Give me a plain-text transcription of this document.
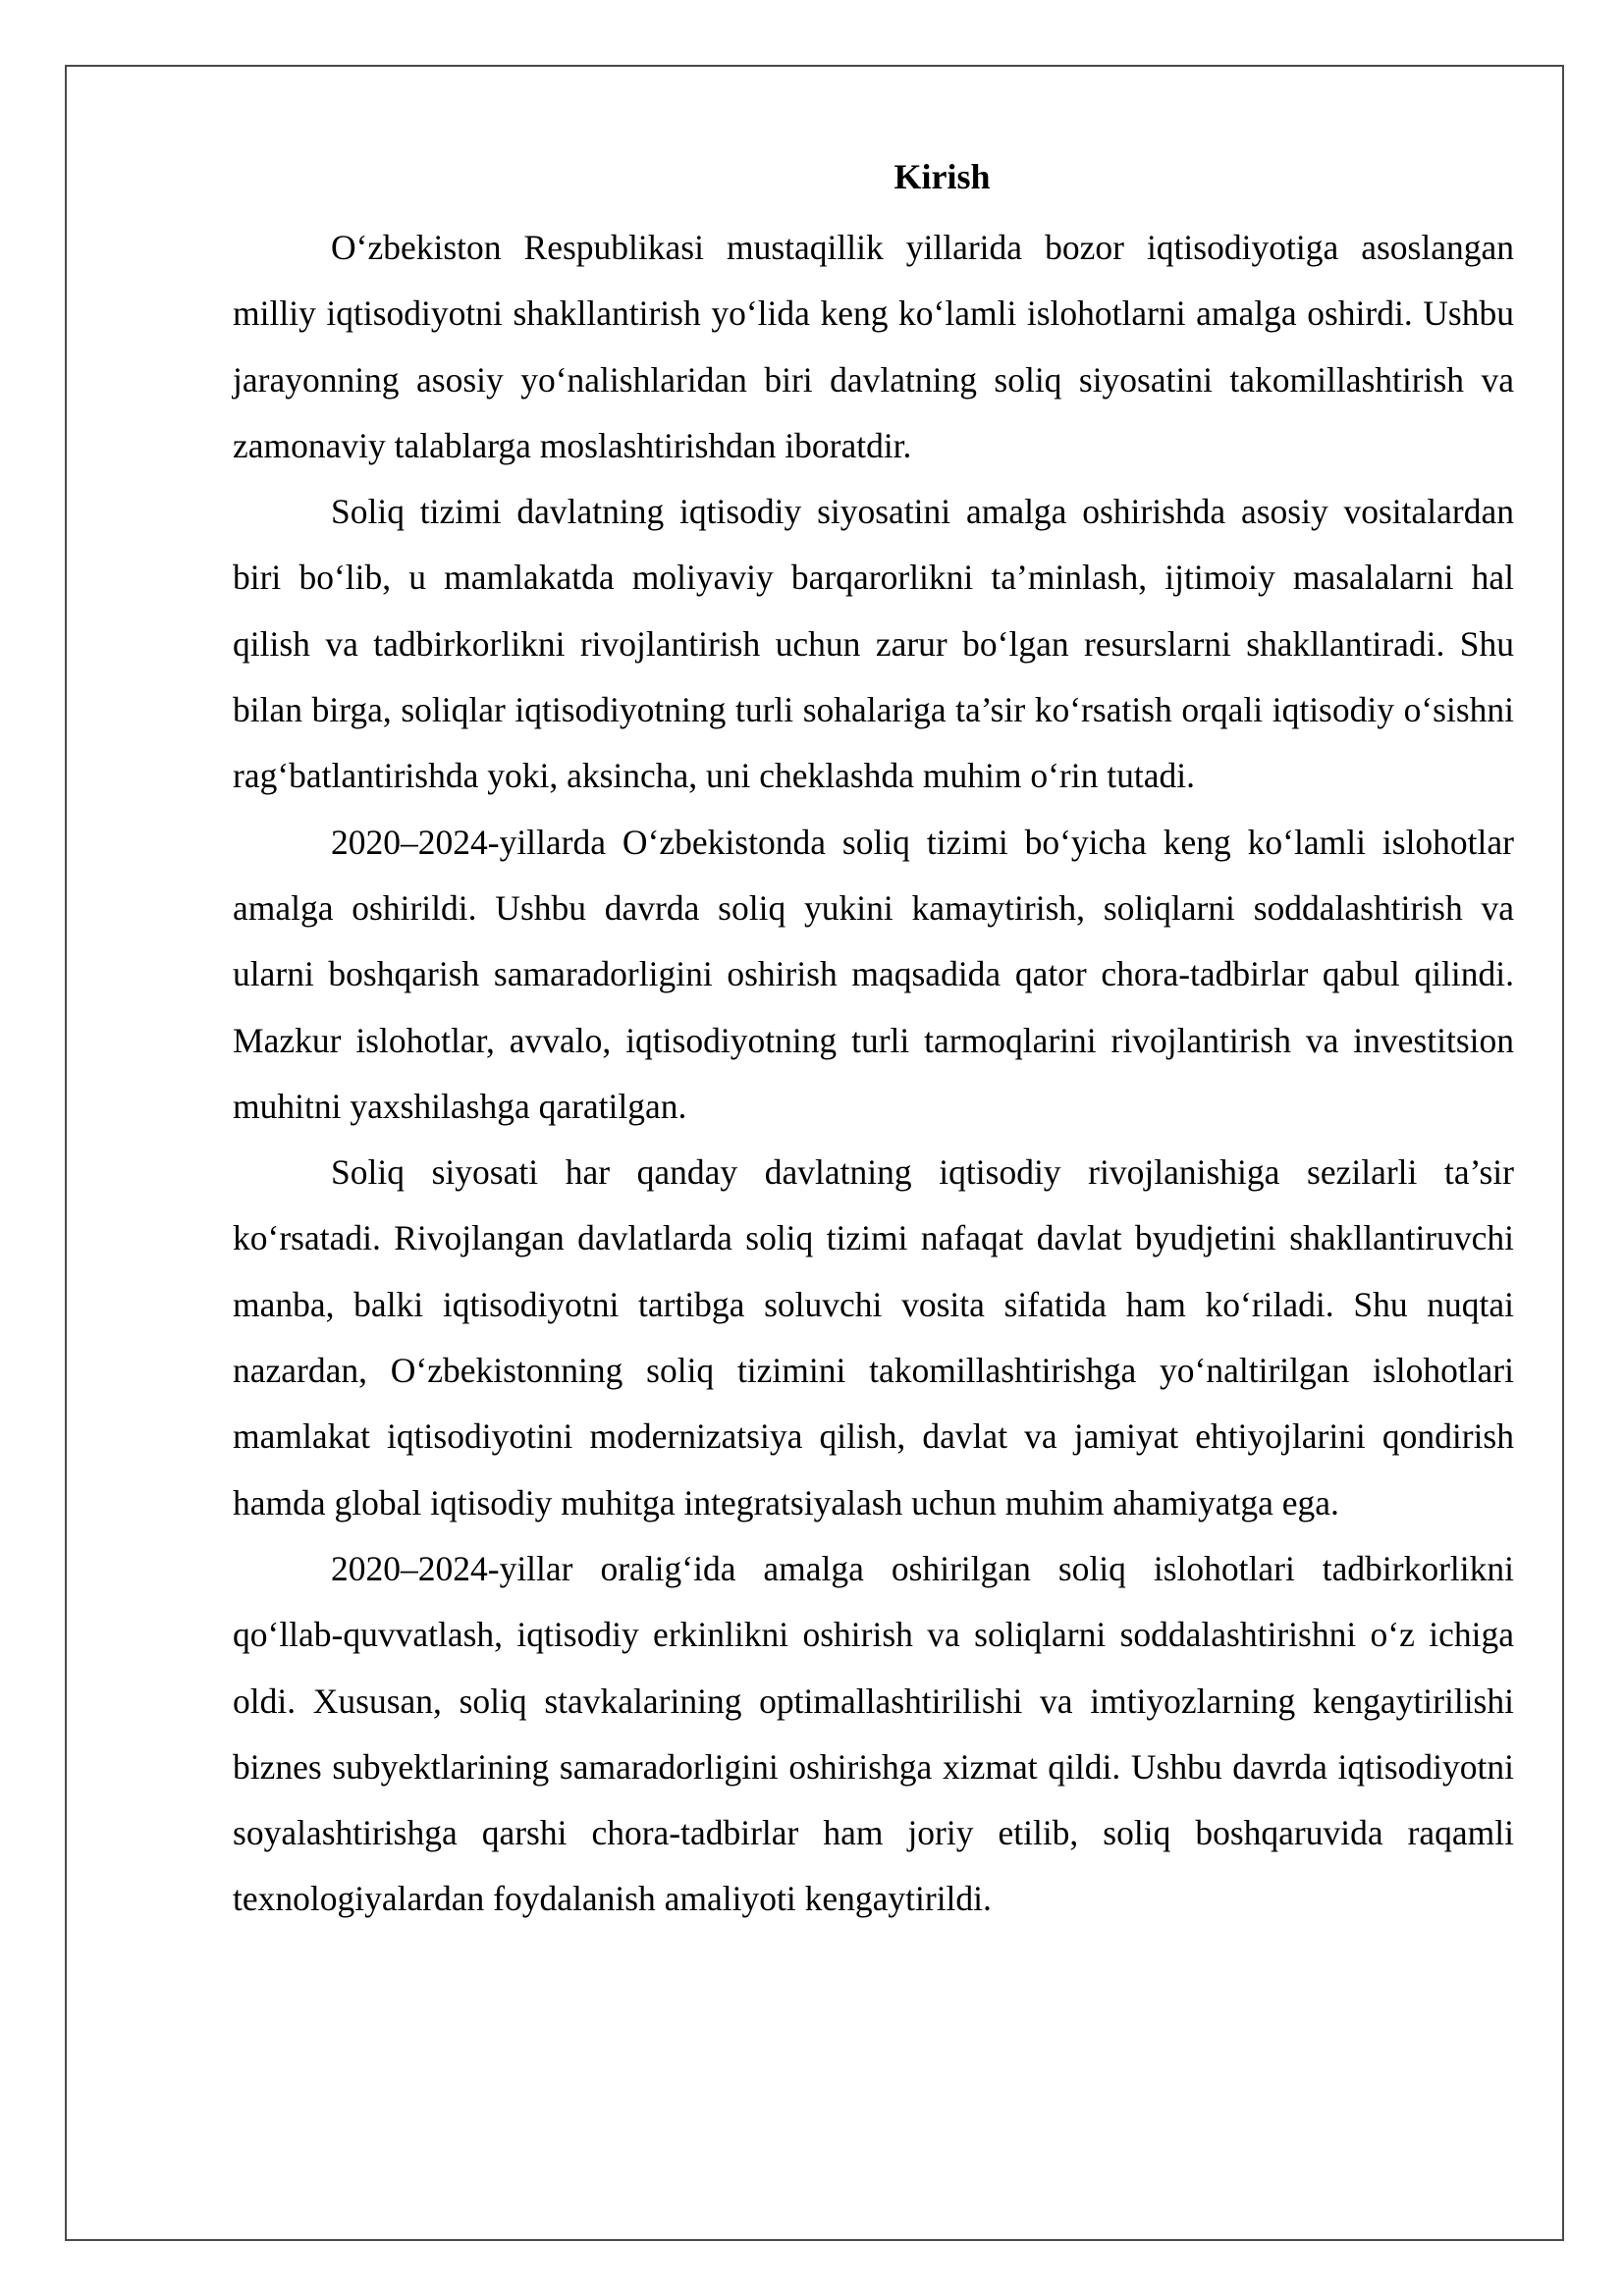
Kirish

O‘zbekiston Respublikasi mustaqillik yillarida bozor iqtisodiyotiga asoslangan milliy iqtisodiyotni shakllantirish yo‘lida keng ko‘lamli islohotlarni amalga oshirdi. Ushbu jarayonning asosiy yo‘nalishlaridan biri davlatning soliq siyosatini takomillashtirish va zamonaviy talablarga moslashtirishdan iboratdir.

Soliq tizimi davlatning iqtisodiy siyosatini amalga oshirishda asosiy vositalardan biri bo‘lib, u mamlakatda moliyaviy barqarorlikni ta’minlash, ijtimoiy masalalarni hal qilish va tadbirkorlikni rivojlantirish uchun zarur bo‘lgan resurslarni shakllantiradi. Shu bilan birga, soliqlar iqtisodiyotning turli sohalariga ta’sir ko‘rsatish orqali iqtisodiy o‘sishni rag‘batlantirishda yoki, aksincha, uni cheklashda muhim o‘rin tutadi.

2020–2024-yillarda O‘zbekistonda soliq tizimi bo‘yicha keng ko‘lamli islohotlar amalga oshirildi. Ushbu davrda soliq yukini kamaytirish, soliqlarni soddalashtirish va ularni boshqarish samaradorligini oshirish maqsadida qator chora-tadbirlar qabul qilindi. Mazkur islohotlar, avvalo, iqtisodiyotning turli tarmoqlarini rivojlantirish va investitsion muhitni yaxshilashga qaratilgan.

Soliq siyosati har qanday davlatning iqtisodiy rivojlanishiga sezilarli ta’sir ko‘rsatadi. Rivojlangan davlatlarda soliq tizimi nafaqat davlat byudjetini shakllantiruvchi manba, balki iqtisodiyotni tartibga soluvchi vosita sifatida ham ko‘riladi. Shu nuqtai nazardan, O‘zbekistonning soliq tizimini takomillashtirishga yo‘naltirilgan islohotlari mamlakat iqtisodiyotini modernizatsiya qilish, davlat va jamiyat ehtiyojlarini qondirish hamda global iqtisodiy muhitga integratsiyalash uchun muhim ahamiyatga ega.

2020–2024-yillar oralig‘ida amalga oshirilgan soliq islohotlari tadbirkorlikni qo‘llab-quvvatlash, iqtisodiy erkinlikni oshirish va soliqlarni soddalashtirishni o‘z ichiga oldi. Xususan, soliq stavkalarining optimallashtirilishi va imtiyozlarning kengaytirilishi biznes subyektlarining samaradorligini oshirishga xizmat qildi. Ushbu davrda iqtisodiyotni soyalashtirishga qarshi chora-tadbirlar ham joriy etilib, soliq boshqaruvida raqamli texnologiyalardan foydalanish amaliyoti kengaytirildi.
